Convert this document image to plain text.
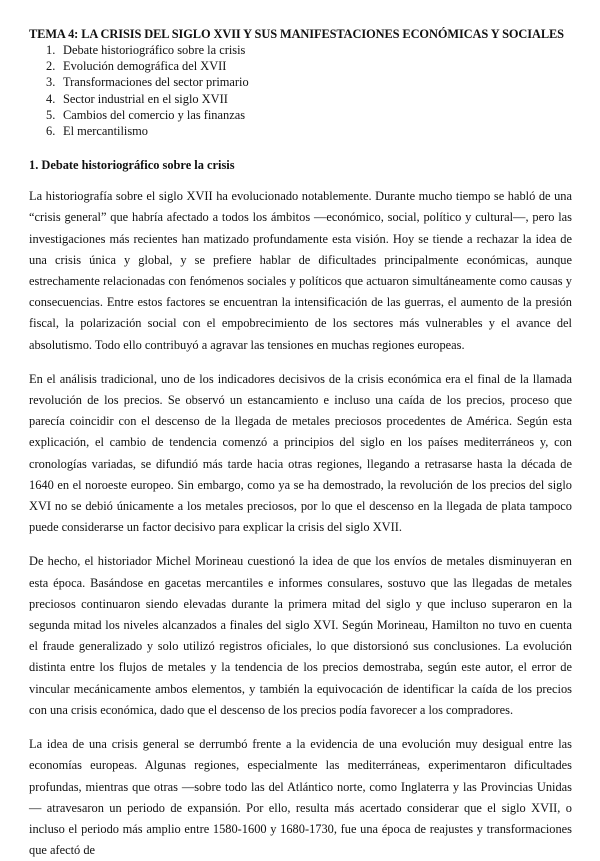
TEMA 4: LA CRISIS DEL SIGLO XVII Y SUS MANIFESTACIONES ECONÓMICAS Y SOCIALES
1. Debate historiográfico sobre la crisis
2. Evolución demográfica del XVII
3. Transformaciones del sector primario
4. Sector industrial en el siglo XVII
5. Cambios del comercio y las finanzas
6. El mercantilismo
1. Debate historiográfico sobre la crisis

La historiografía sobre el siglo XVII ha evolucionado notablemente. Durante mucho tiempo se habló de una “crisis general” que habría afectado a todos los ámbitos —económico, social, político y cultural—, pero las investigaciones más recientes han matizado profundamente esta visión. Hoy se tiende a rechazar la idea de una crisis única y global, y se prefiere hablar de dificultades principalmente económicas, aunque estrechamente relacionadas con fenómenos sociales y políticos que actuaron simultáneamente como causas y consecuencias. Entre estos factores se encuentran la intensificación de las guerras, el aumento de la presión fiscal, la polarización social con el empobrecimiento de los sectores más vulnerables y el avance del absolutismo. Todo ello contribuyó a agravar las tensiones en muchas regiones europeas.

En el análisis tradicional, uno de los indicadores decisivos de la crisis económica era el final de la llamada revolución de los precios. Se observó un estancamiento e incluso una caída de los precios, proceso que parecía coincidir con el descenso de la llegada de metales preciosos procedentes de América. Según esta explicación, el cambio de tendencia comenzó a principios del siglo en los países mediterráneos y, con cronologías variadas, se difundió más tarde hacia otras regiones, llegando a retrasarse hasta la década de 1640 en el noroeste europeo. Sin embargo, como ya se ha demostrado, la revolución de los precios del siglo XVI no se debió únicamente a los metales preciosos, por lo que el descenso en la llegada de plata tampoco puede considerarse un factor decisivo para explicar la crisis del siglo XVII.

De hecho, el historiador Michel Morineau cuestionó la idea de que los envíos de metales disminuyeran en esta época. Basándose en gacetas mercantiles e informes consulares, sostuvo que las llegadas de metales preciosos continuaron siendo elevadas durante la primera mitad del siglo y que incluso superaron en la segunda mitad los niveles alcanzados a finales del siglo XVI. Según Morineau, Hamilton no tuvo en cuenta el fraude generalizado y solo utilizó registros oficiales, lo que distorsionó sus conclusiones. La evolución distinta entre los flujos de metales y la tendencia de los precios demostraba, según este autor, el error de vincular mecánicamente ambos elementos, y también la equivocación de identificar la caída de los precios con una crisis económica, dado que el descenso de los precios podía favorecer a los compradores.

La idea de una crisis general se derrumbó frente a la evidencia de una evolución muy desigual entre las economías europeas. Algunas regiones, especialmente las mediterráneas, experimentaron dificultades profundas, mientras que otras —sobre todo las del Atlántico norte, como Inglaterra y las Provincias Unidas— atravesaron un periodo de expansión. Por ello, resulta más acertado considerar que el siglo XVII, o incluso el periodo más amplio entre 1580-1600 y 1680-1730, fue una época de reajustes y transformaciones que afectó de
